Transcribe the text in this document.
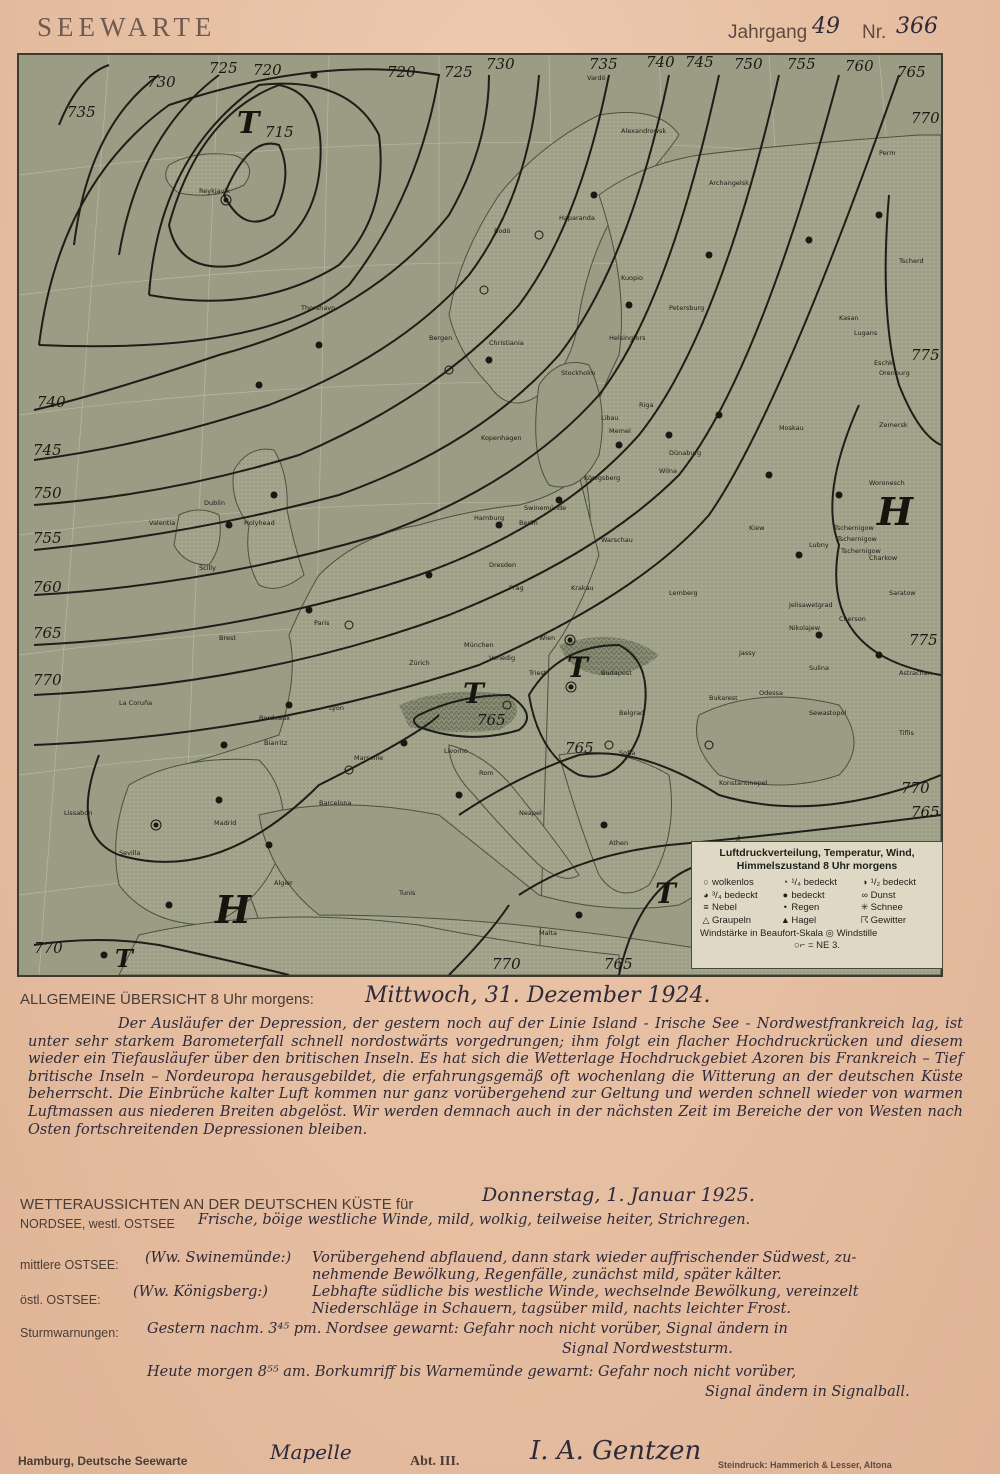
SEEWARTE	Jahrgang 49 Nr. 366
735
730
725 720
715
720 725 730	735 740 745 750 755 760 765
770
740
745
750
755
760
765
770
775
775
770
765
765
770
765
770	765
T
T
T
T
T
H
H
Reykjavik
Thorshavn
Bodö
Haparanda
Vardö
Alexandrowsk
Archangelsk
Kuopio
Petersburg
Helsingfors
Stockholm
Christiania
Bergen
Kopenhagen
Hamburg
Berlin
Swinemünde
Königsberg
Memel
Riga
Libau
Dünaburg
Wilna
Moskau
Warschau
Krakau
Lemberg
Kiew
Charkow
Odessa
Bukarest
Belgrad
Budapest
Wien
Prag
Dresden
München
Zürich
Lyon
Paris
Brest
Valentia
Dublin
Holyhead
Scilly
Bordeaux
Biarritz
La Coruña
Lissabon
Madrid
Sevilla
Barcelona
Marseille
Rom
Neapel
Livorno
Venedig
Triest
Sofia
Konstantinopel
Athen
Malta
Algier
Tunis
Sulina
Jassy
Tiflis
Sewastopol
Perm
Orenburg
Kasan
Woronesch
Saratow
Astrachan
Lugans
Eschkl
Zemersk
Tscherd
Jelisawetgrad
Cherson
Nikolajew
Lubny
Tschernigow
Tschernigow
Tschernigow
Luftdruckverteilung, Temperatur, Wind,
Himmelszustand 8 Uhr morgens
○ wolkenlos	◔ ¹/₄ bedeckt	◑ ¹/₂ bedeckt
◕ ³/₄ bedeckt	● bedeckt	∞ Dunst
≡ Nebel	• Regen	✳ Schnee
△ Graupeln	▲ Hagel	☈ Gewitter
Windstärke in Beaufort-Skala ◎ Windstille
○⌐ = NE 3.
ALLGEMEINE ÜBERSICHT 8 Uhr morgens: Mittwoch, 31. Dezember 1924.
Der Ausläufer der Depression, der gestern noch auf der Linie Island - Irische See - Nordwestfrankreich lag, ist unter sehr starkem Barometerfall schnell nordostwärts vorgedrungen; ihm folgt ein flacher Hochdruckrücken und diesem wieder ein Tiefausläufer über den britischen Inseln. Es hat sich die Wetterlage Hochdruckgebiet Azoren bis Frankreich – Tief britische Inseln – Nordeuropa herausgebildet, die erfahrungsgemäß oft wochenlang die Witterung an der deutschen Küste beherrscht. Die Einbrüche kalter Luft kommen nur ganz vorübergehend zur Geltung und werden schnell wieder von warmen Luftmassen aus niederen Breiten abgelöst. Wir werden demnach auch in der nächsten Zeit im Bereiche der von Westen nach Osten fortschreitenden Depressionen bleiben.
WETTERAUSSICHTEN AN DER DEUTSCHEN KÜSTE für	Donnerstag, 1. Januar 1925.
NORDSEE, westl. OSTSEE Frische, böige westliche Winde, mild, wolkig, teilweise heiter, Strichregen.
mittlere OSTSEE: (Ww. Swinemünde:) Vorübergehend abflauend, dann stark wieder auffrischender Südwest, zu-
nehmende Bewölkung, Regenfälle, zunächst mild, später kälter.
östl. OSTSEE: (Ww. Königsberg:)	Lebhafte südliche bis westliche Winde, wechselnde Bewölkung, vereinzelt
Niederschläge in Schauern, tagsüber mild, nachts leichter Frost.
Sturmwarnungen: Gestern nachm. 3⁴⁵ pm. Nordsee gewarnt: Gefahr noch nicht vorüber, Signal ändern in
Signal Nordweststurm.
Heute morgen 8⁵⁵ am. Borkumriff bis Warnemünde gewarnt: Gefahr noch nicht vorüber,
Signal ändern in Signalball.
Hamburg, Deutsche Seewarte	Mapelle	Abt. III.	I. A. Gentzen Steindruck: Hammerich & Lesser, Altona
